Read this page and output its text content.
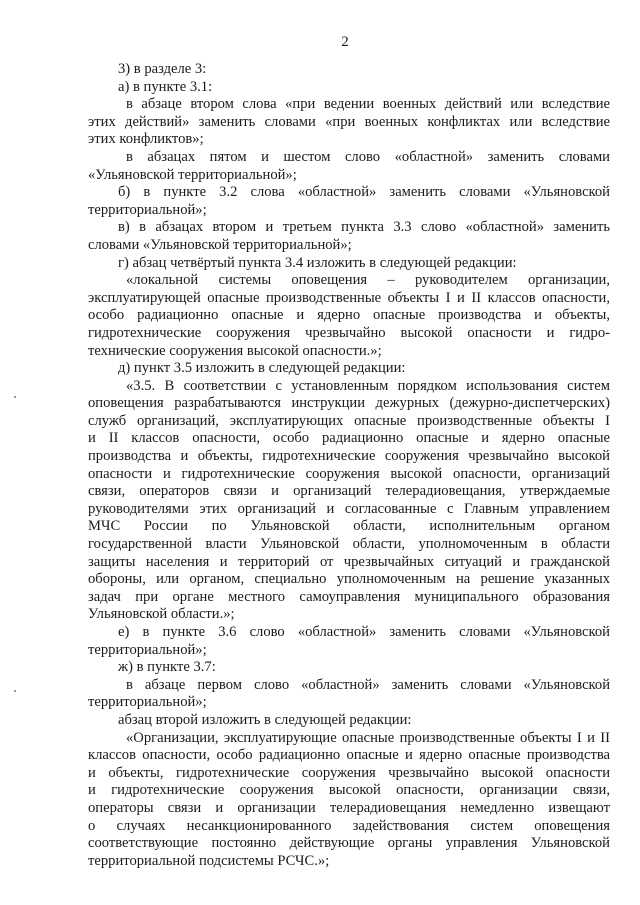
2
3) в разделе 3:
а) в пункте 3.1:
в абзаце втором слова «при ведении военных действий или вследствие
этих действий» заменить словами «при военных конфликтах или вследствие
этих конфликтов»;
в абзацах пятом и шестом слово «областной» заменить словами
«Ульяновской территориальной»;
б) в пункте 3.2 слова «областной» заменить словами «Ульяновской
территориальной»;
в) в абзацах втором и третьем пункта 3.3 слово «областной» заменить
словами «Ульяновской территориальной»;
г) абзац четвёртый пункта 3.4 изложить в следующей редакции:
«локальной системы оповещения – руководителем организации,
эксплуатирующей опасные производственные объекты I и II классов опасности,
особо радиационно опасные и ядерно опасные производства и объекты,
гидротехнические сооружения чрезвычайно высокой опасности и гидро-
технические сооружения высокой опасности.»;
д) пункт 3.5 изложить в следующей редакции:
«3.5. В соответствии с установленным порядком использования систем
оповещения разрабатываются инструкции дежурных (дежурно-диспетчерских)
служб организаций, эксплуатирующих опасные производственные объекты I
и II классов опасности, особо радиационно опасные и ядерно опасные
производства и объекты, гидротехнические сооружения чрезвычайно высокой
опасности и гидротехнические сооружения высокой опасности, организаций
связи, операторов связи и организаций телерадиовещания, утверждаемые
руководителями этих организаций и согласованные с Главным управлением
МЧС России по Ульяновской области, исполнительным органом
государственной власти Ульяновской области, уполномоченным в области
защиты населения и территорий от чрезвычайных ситуаций и гражданской
обороны, или органом, специально уполномоченным на решение указанных
задач при органе местного самоуправления муниципального образования
Ульяновской области.»;
е) в пункте 3.6 слово «областной» заменить словами «Ульяновской
территориальной»;
ж) в пункте 3.7:
в абзаце первом слово «областной» заменить словами «Ульяновской
территориальной»;
абзац второй изложить в следующей редакции:
«Организации, эксплуатирующие опасные производственные объекты I и II
классов опасности, особо радиационно опасные и ядерно опасные производства
и объекты, гидротехнические сооружения чрезвычайно высокой опасности
и гидротехнические сооружения высокой опасности, организации связи,
операторы связи и организации телерадиовещания немедленно извещают
о случаях несанкционированного задействования систем оповещения
соответствующие постоянно действующие органы управления Ульяновской
территориальной подсистемы РСЧС.»;
